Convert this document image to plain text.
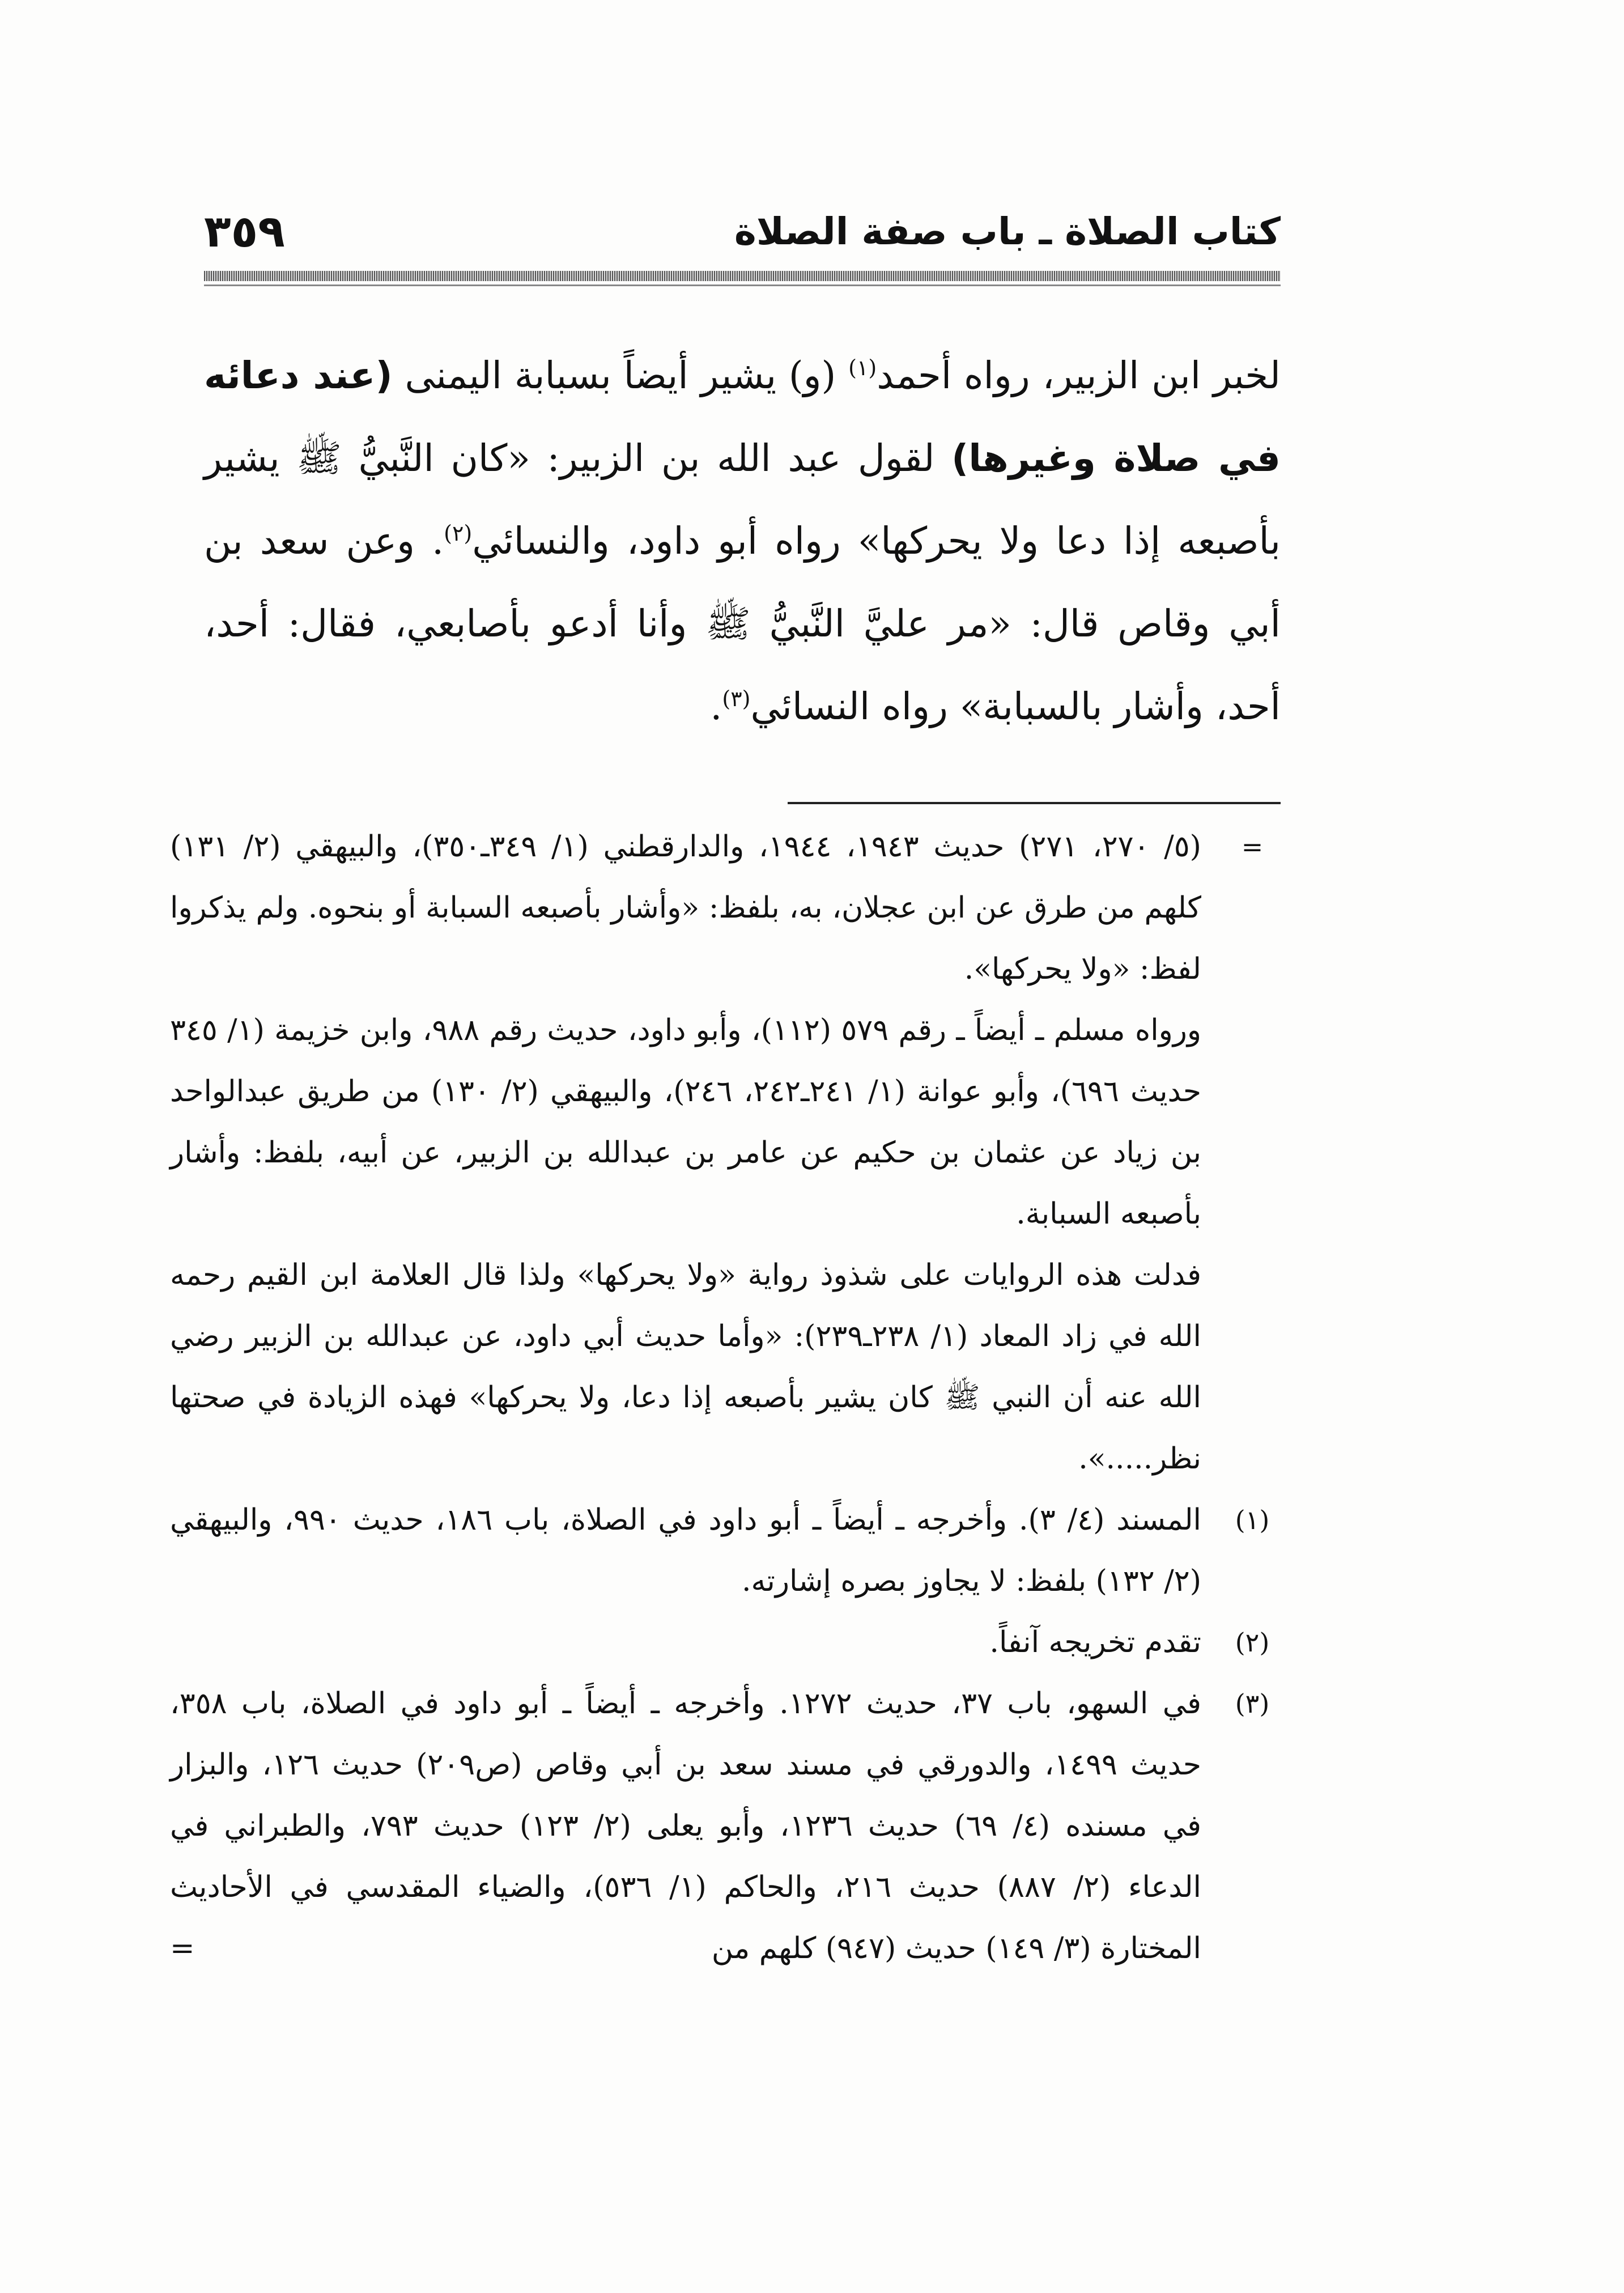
كتاب الصلاة ـ باب صفة الصلاة
٣٥٩

لخبر ابن الزبير، رواه أحمد$^{(١)}$ (و) يشير أيضاً بسبابة اليمنى (عند دعائه في صلاة وغيرها) لقول عبد الله بن الزبير: «كان النَّبيُّ ﷺ يشير بأصبعه إذا دعا ولا يحركها» رواه أبو داود، والنسائي$^{(٢)}$. وعن سعد بن أبي وقاص قال: «مر عليَّ النَّبيُّ ﷺ وأنا أدعو بأصابعي، فقال: أحد، أحد، وأشار بالسبابة» رواه النسائي$^{(٣)}$.

=
(٥/ ٢٧٠، ٢٧١) حديث ١٩٤٣، ١٩٤٤، والدارقطني (١/ ٣٤٩ـ٣٥٠)، والبيهقي (٢/ ١٣١) كلهم من طرق عن ابن عجلان، به، بلفظ: «وأشار بأصبعه السبابة أو بنحوه. ولم يذكروا لفظ: «ولا يحركها».
ورواه مسلم ـ أيضاً ـ رقم ٥٧٩ (١١٢)، وأبو داود، حديث رقم ٩٨٨، وابن خزيمة (١/ ٣٤٥ حديث ٦٩٦)، وأبو عوانة (١/ ٢٤١ـ٢٤٢، ٢٤٦)، والبيهقي (٢/ ١٣٠) من طريق عبدالواحد بن زياد عن عثمان بن حكيم عن عامر بن عبدالله بن الزبير، عن أبيه، بلفظ: وأشار بأصبعه السبابة.
فدلت هذه الروايات على شذوذ رواية «ولا يحركها» ولذا قال العلامة ابن القيم رحمه الله في زاد المعاد (١/ ٢٣٨ـ٢٣٩): «وأما حديث أبي داود، عن عبدالله بن الزبير رضي الله عنه أن النبي ﷺ كان يشير بأصبعه إذا دعا، ولا يحركها» فهذه الزيادة في صحتها نظر.....».
(١)
المسند (٤/ ٣). وأخرجه ـ أيضاً ـ أبو داود في الصلاة، باب ١٨٦، حديث ٩٩٠، والبيهقي (٢/ ١٣٢) بلفظ: لا يجاوز بصره إشارته.
(٢)
تقدم تخريجه آنفاً.
(٣)
في السهو، باب ٣٧، حديث ١٢٧٢. وأخرجه ـ أيضاً ـ أبو داود في الصلاة، باب ٣٥٨، حديث ١٤٩٩، والدورقي في مسند سعد بن أبي وقاص (ص٢٠٩) حديث ١٢٦، والبزار في مسنده (٤/ ٦٩) حديث ١٢٣٦، وأبو يعلى (٢/ ١٢٣) حديث ٧٩٣، والطبراني في الدعاء (٢/ ٨٨٧) حديث ٢١٦، والحاكم (١/ ٥٣٦)، والضياء المقدسي في الأحاديث المختارة (٣/ ١٤٩) حديث (٩٤٧) كلهم من
=
